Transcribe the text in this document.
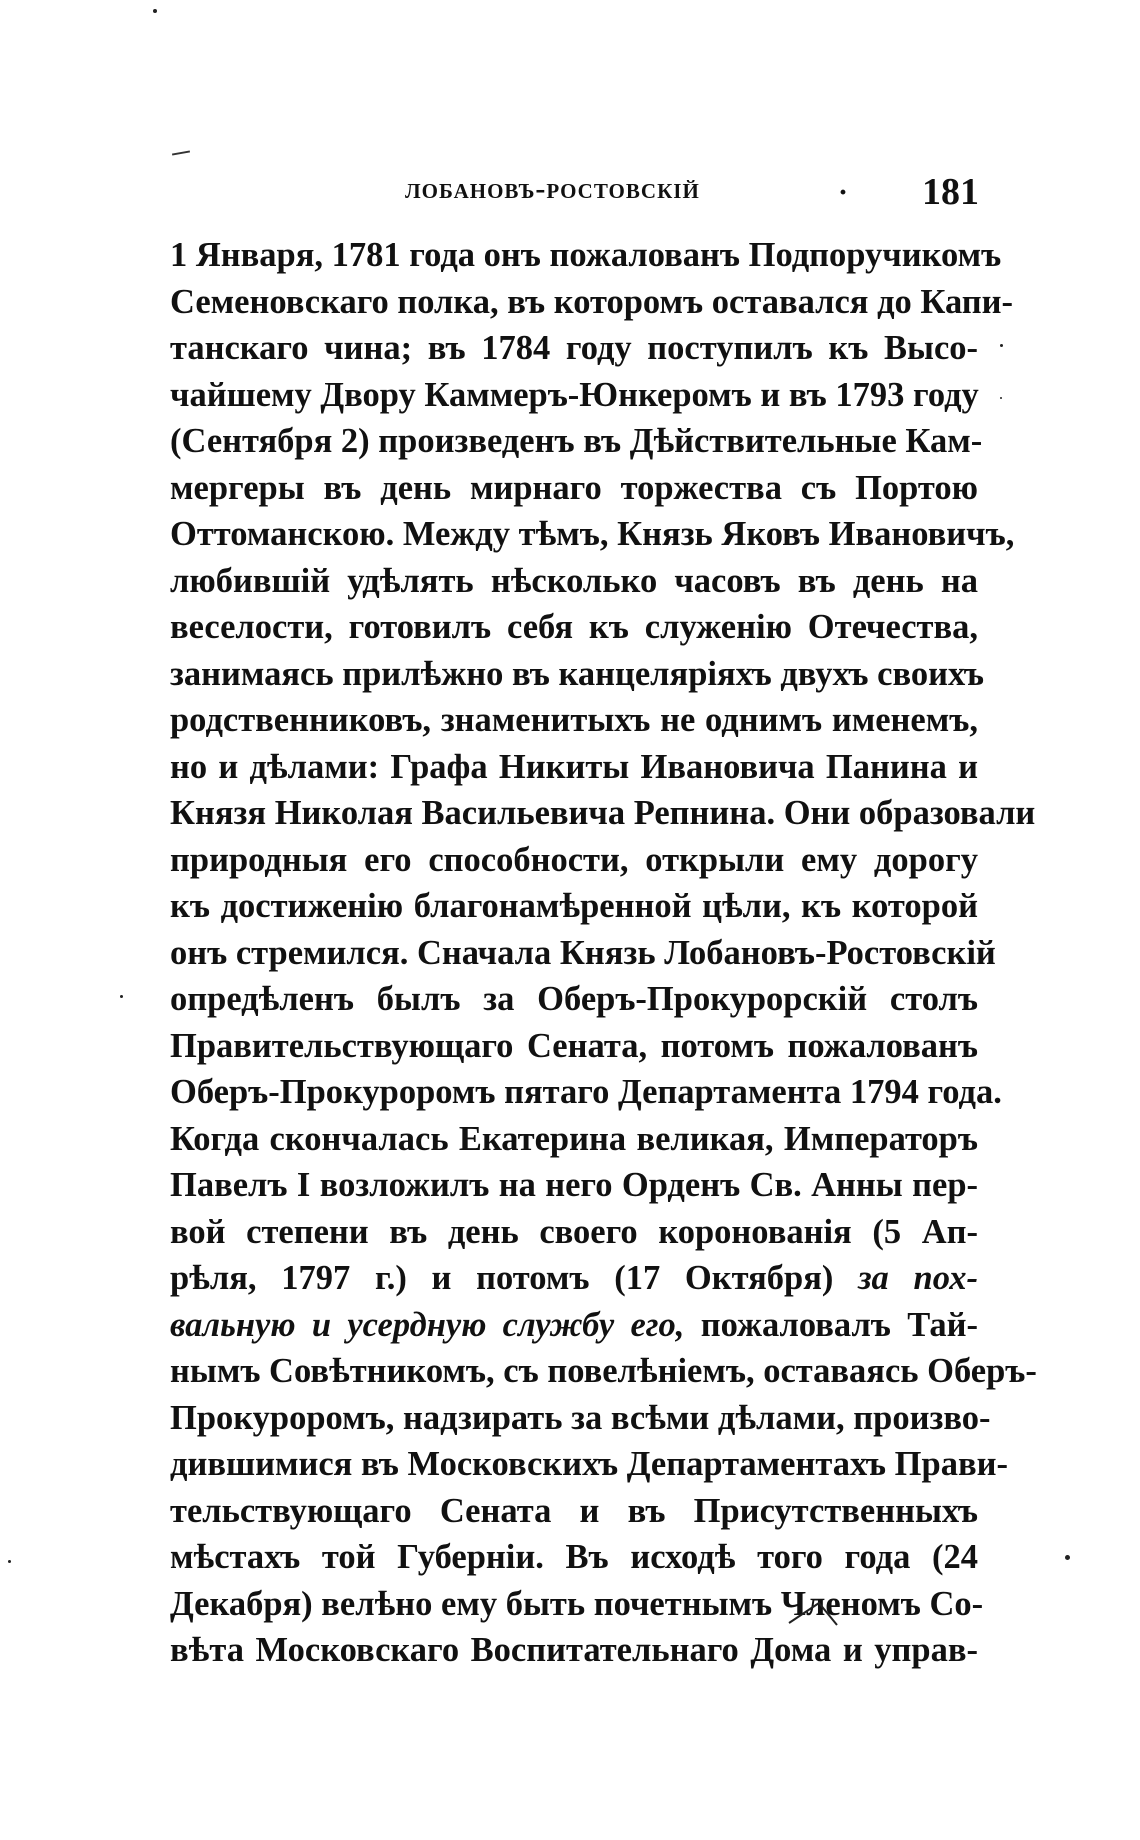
лобановъ-ростовскій	· 181
1 Января, 1781 года онъ пожалованъ Подпоручикомъ
Семеновскаго полка, въ которомъ оставался до Капи-
танскаго чина; въ 1784 году поступилъ къ Высо-
чайшему Двору Каммеръ-Юнкеромъ и въ 1793 году
(Сентября 2) произведенъ въ Дѣйствительные Кам-
мергеры въ день мирнаго торжества съ Портою
Оттоманскою. Между тѣмъ, Князь Яковъ Ивановичъ,
любившій удѣлять нѣсколько часовъ въ день на
веселости, готовилъ себя къ служенію Отечества,
занимаясь прилѣжно въ канцеляріяхъ двухъ своихъ
родственниковъ, знаменитыхъ не однимъ именемъ,
но и дѣлами: Графа Никиты Ивановича Панина и
Князя Николая Васильевича Репнина. Они образовали
природныя его способности, открыли ему дорогу
къ достиженію благонамѣренной цѣли, къ которой
онъ стремился. Сначала Князь Лобановъ-Ростовскій
опредѣленъ былъ за Оберъ-Прокурорскій столъ
Правительствующаго Сената, потомъ пожалованъ
Оберъ-Прокуроромъ пятаго Департамента 1794 года.
Когда скончалась Екатерина великая, Императоръ
Павелъ I возложилъ на него Орденъ Св. Анны пер-
вой степени въ день своего коронованія (5 Ап-
рѣля, 1797 г.) и потомъ (17 Октября) за пох-
вальную и усердную службу его, пожаловалъ Тай-
нымъ Совѣтникомъ, съ повелѣніемъ, оставаясь Оберъ-
Прокуроромъ, надзирать за всѣми дѣлами, произво-
дившимися въ Московскихъ Департаментахъ Прави-
тельствующаго Сената и въ Присутственныхъ
мѣстахъ той Губерніи. Въ исходѣ того года (24
Декабря) велѣно ему быть почетнымъ Членомъ Со-
вѣта Московскаго Воспитательнаго Дома и управ-
